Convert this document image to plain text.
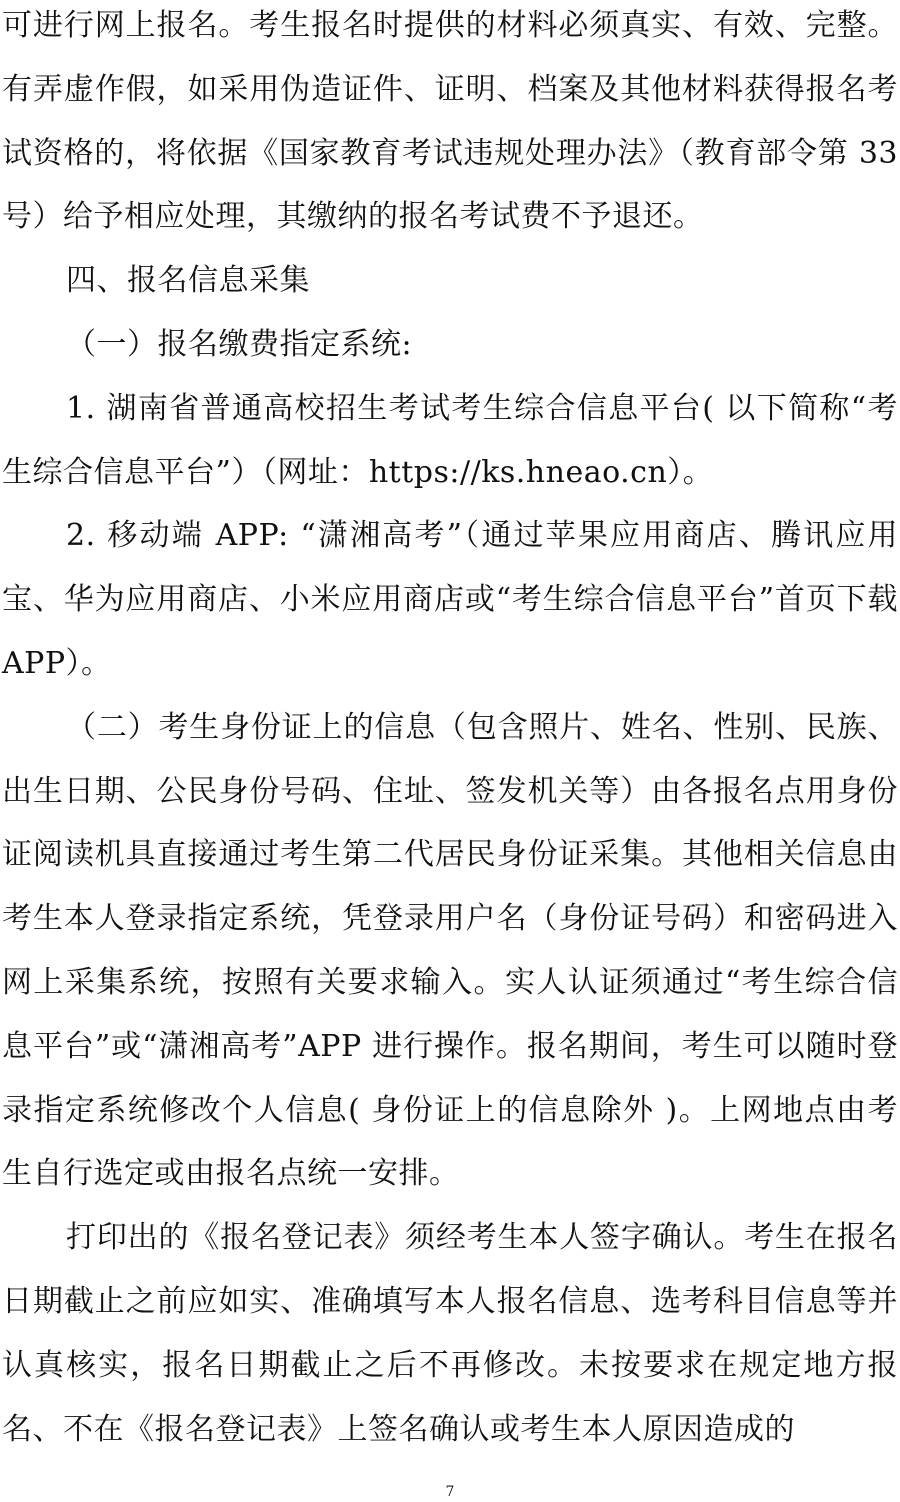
可进行网上报名。考生报名时提供的材料必须真实、有效、完整。有弄虚作假，如采用伪造证件、证明、档案及其他材料获得报名考试资格的，将依据《国家教育考试违规处理办法》（教育部令第 33 号）给予相应处理，其缴纳的报名考试费不予退还。

四、报名信息采集

（一）报名缴费指定系统:

1. 湖南省普通高校招生考试考生综合信息平台( 以下简称“考生综合信息平台”）（网址：https://ks.hneao.cn）。

2. 移动端 APP: “潇湘高考”（通过苹果应用商店、腾讯应用宝、华为应用商店、小米应用商店或“考生综合信息平台”首页下载 APP）。

（二）考生身份证上的信息（包含照片、姓名、性别、民族、出生日期、公民身份号码、住址、签发机关等）由各报名点用身份证阅读机具直接通过考生第二代居民身份证采集。其他相关信息由考生本人登录指定系统，凭登录用户名（身份证号码）和密码进入网上采集系统，按照有关要求输入。实人认证须通过“考生综合信息平台”或“潇湘高考”APP 进行操作。报名期间，考生可以随时登录指定系统修改个人信息( 身份证上的信息除外 )。上网地点由考生自行选定或由报名点统一安排。

打印出的《报名登记表》须经考生本人签字确认。考生在报名日期截止之前应如实、准确填写本人报名信息、选考科目信息等并认真核实，报名日期截止之后不再修改。未按要求在规定地方报名、不在《报名登记表》上签名确认或考生本人原因造成的

7
